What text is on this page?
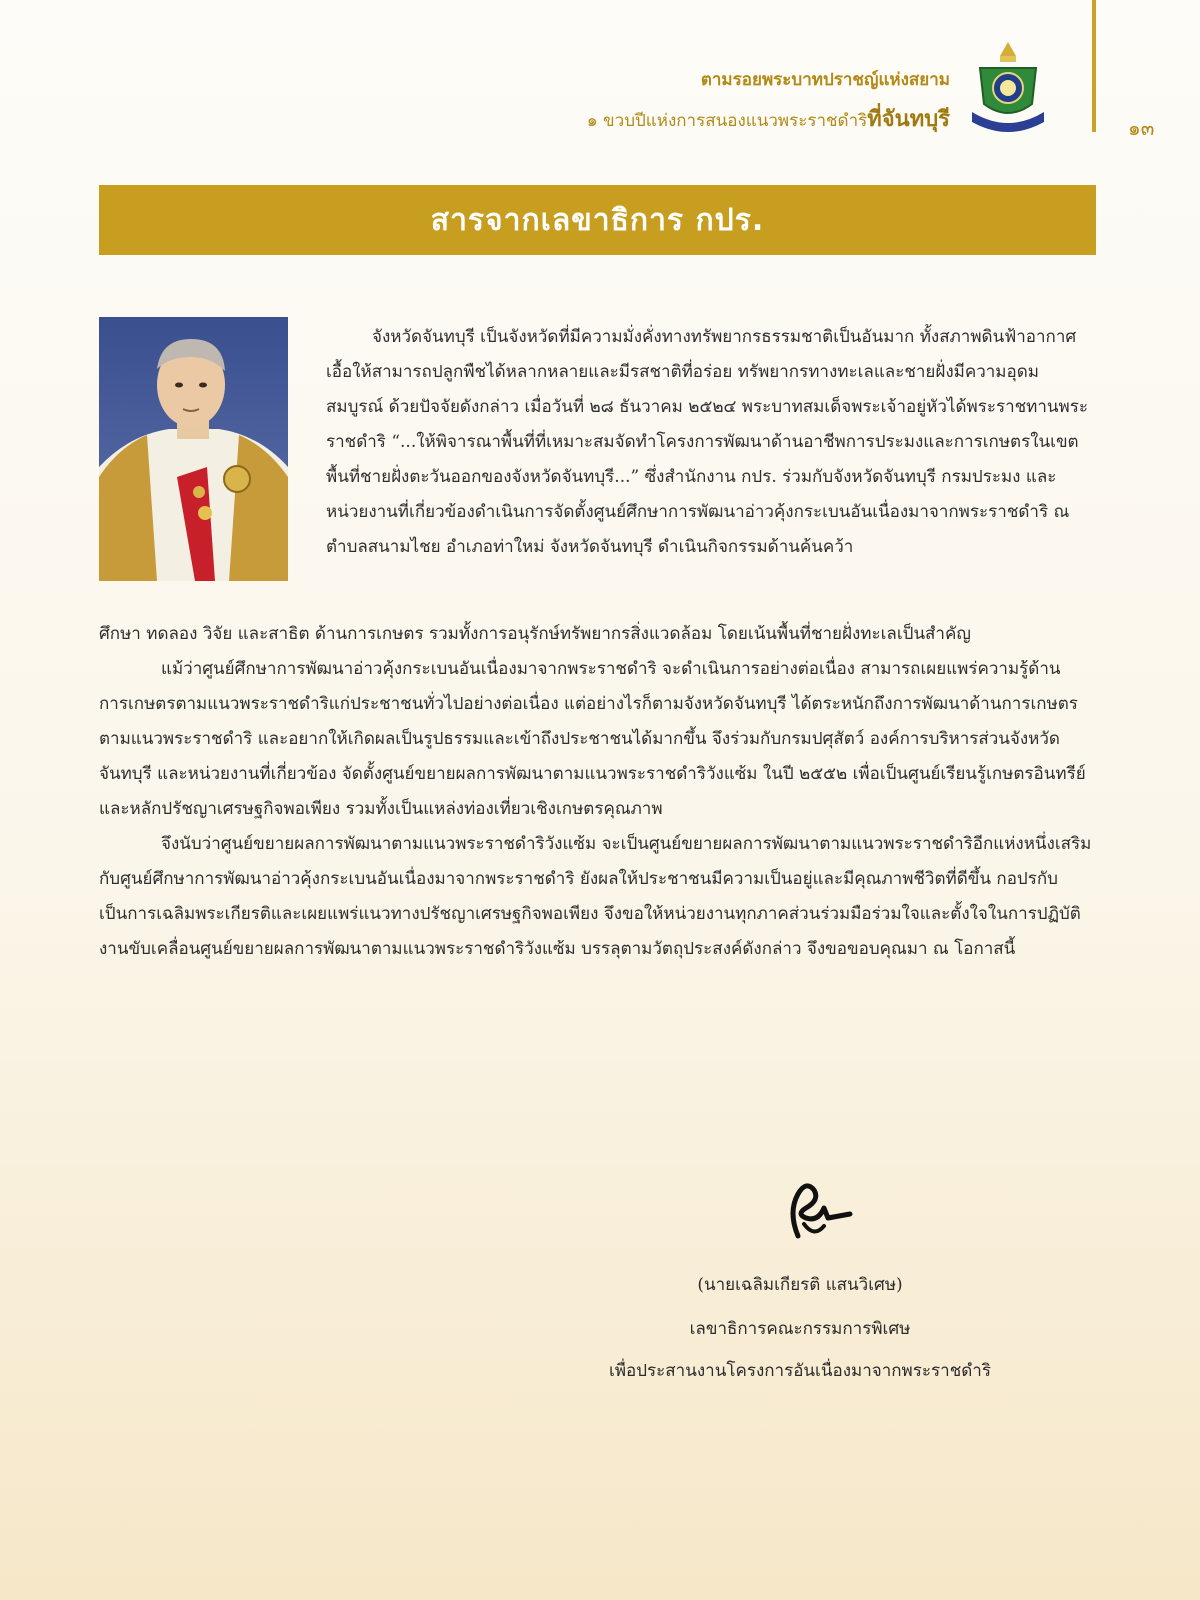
ตามรอยพระบาทปราชญ์แห่งสยาม
๑ ขวบปีแห่งการสนองแนวพระราชดำริที่จันทบุรี	๑๓
สารจากเลขาธิการ กปร.

จังหวัดจันทบุรี เป็นจังหวัดที่มีความมั่งคั่งทางทรัพยากรธรรมชาติเป็นอันมาก ทั้งสภาพดินฟ้าอากาศเอื้อให้สามารถปลูกพืชได้หลากหลายและมีรสชาติที่อร่อย ทรัพยากรทางทะเลและชายฝั่งมีความอุดมสมบูรณ์ ด้วยปัจจัยดังกล่าว เมื่อวันที่ ๒๘ ธันวาคม ๒๕๒๔ พระบาทสมเด็จพระเจ้าอยู่หัวได้พระราชทานพระราชดำริ “...ให้พิจารณาพื้นที่ที่เหมาะสมจัดทำโครงการพัฒนาด้านอาชีพการประมงและการเกษตรในเขตพื้นที่ชายฝั่งตะวันออกของจังหวัดจันทบุรี...” ซึ่งสำนักงาน กปร. ร่วมกับจังหวัดจันทบุรี กรมประมง และหน่วยงานที่เกี่ยวข้องดำเนินการจัดตั้งศูนย์ศึกษาการพัฒนาอ่าวคุ้งกระเบนอันเนื่องมาจากพระราชดำริ ณ ตำบลสนามไชย อำเภอท่าใหม่ จังหวัดจันทบุรี ดำเนินกิจกรรมด้านค้นคว้า

ศึกษา ทดลอง วิจัย และสาธิต ด้านการเกษตร รวมทั้งการอนุรักษ์ทรัพยากรสิ่งแวดล้อม โดยเน้นพื้นที่ชายฝั่งทะเลเป็นสำคัญ

แม้ว่าศูนย์ศึกษาการพัฒนาอ่าวคุ้งกระเบนอันเนื่องมาจากพระราชดำริ จะดำเนินการอย่างต่อเนื่อง สามารถเผยแพร่ความรู้ด้านการเกษตรตามแนวพระราชดำริแก่ประชาชนทั่วไปอย่างต่อเนื่อง แต่อย่างไรก็ตามจังหวัดจันทบุรี ได้ตระหนักถึงการพัฒนาด้านการเกษตรตามแนวพระราชดำริ และอยากให้เกิดผลเป็นรูปธรรมและเข้าถึงประชาชนได้มากขึ้น จึงร่วมกับกรมปศุสัตว์ องค์การบริหารส่วนจังหวัดจันทบุรี และหน่วยงานที่เกี่ยวข้อง จัดตั้งศูนย์ขยายผลการพัฒนาตามแนวพระราชดำริวังแซ้ม ในปี ๒๕๕๒ เพื่อเป็นศูนย์เรียนรู้เกษตรอินทรีย์และหลักปรัชญาเศรษฐกิจพอเพียง รวมทั้งเป็นแหล่งท่องเที่ยวเชิงเกษตรคุณภาพ

จึงนับว่าศูนย์ขยายผลการพัฒนาตามแนวพระราชดำริวังแซ้ม จะเป็นศูนย์ขยายผลการพัฒนาตามแนวพระราชดำริอีกแห่งหนึ่งเสริมกับศูนย์ศึกษาการพัฒนาอ่าวคุ้งกระเบนอันเนื่องมาจากพระราชดำริ ยังผลให้ประชาชนมีความเป็นอยู่และมีคุณภาพชีวิตที่ดีขึ้น กอปรกับเป็นการเฉลิมพระเกียรติและเผยแพร่แนวทางปรัชญาเศรษฐกิจพอเพียง จึงขอให้หน่วยงานทุกภาคส่วนร่วมมือร่วมใจและตั้งใจในการปฏิบัติงานขับเคลื่อนศูนย์ขยายผลการพัฒนาตามแนวพระราชดำริวังแซ้ม บรรลุตามวัตถุประสงค์ดังกล่าว จึงขอขอบคุณมา ณ โอกาสนี้

(นายเฉลิมเกียรติ แสนวิเศษ)
เลขาธิการคณะกรรมการพิเศษ
เพื่อประสานงานโครงการอันเนื่องมาจากพระราชดำริ
